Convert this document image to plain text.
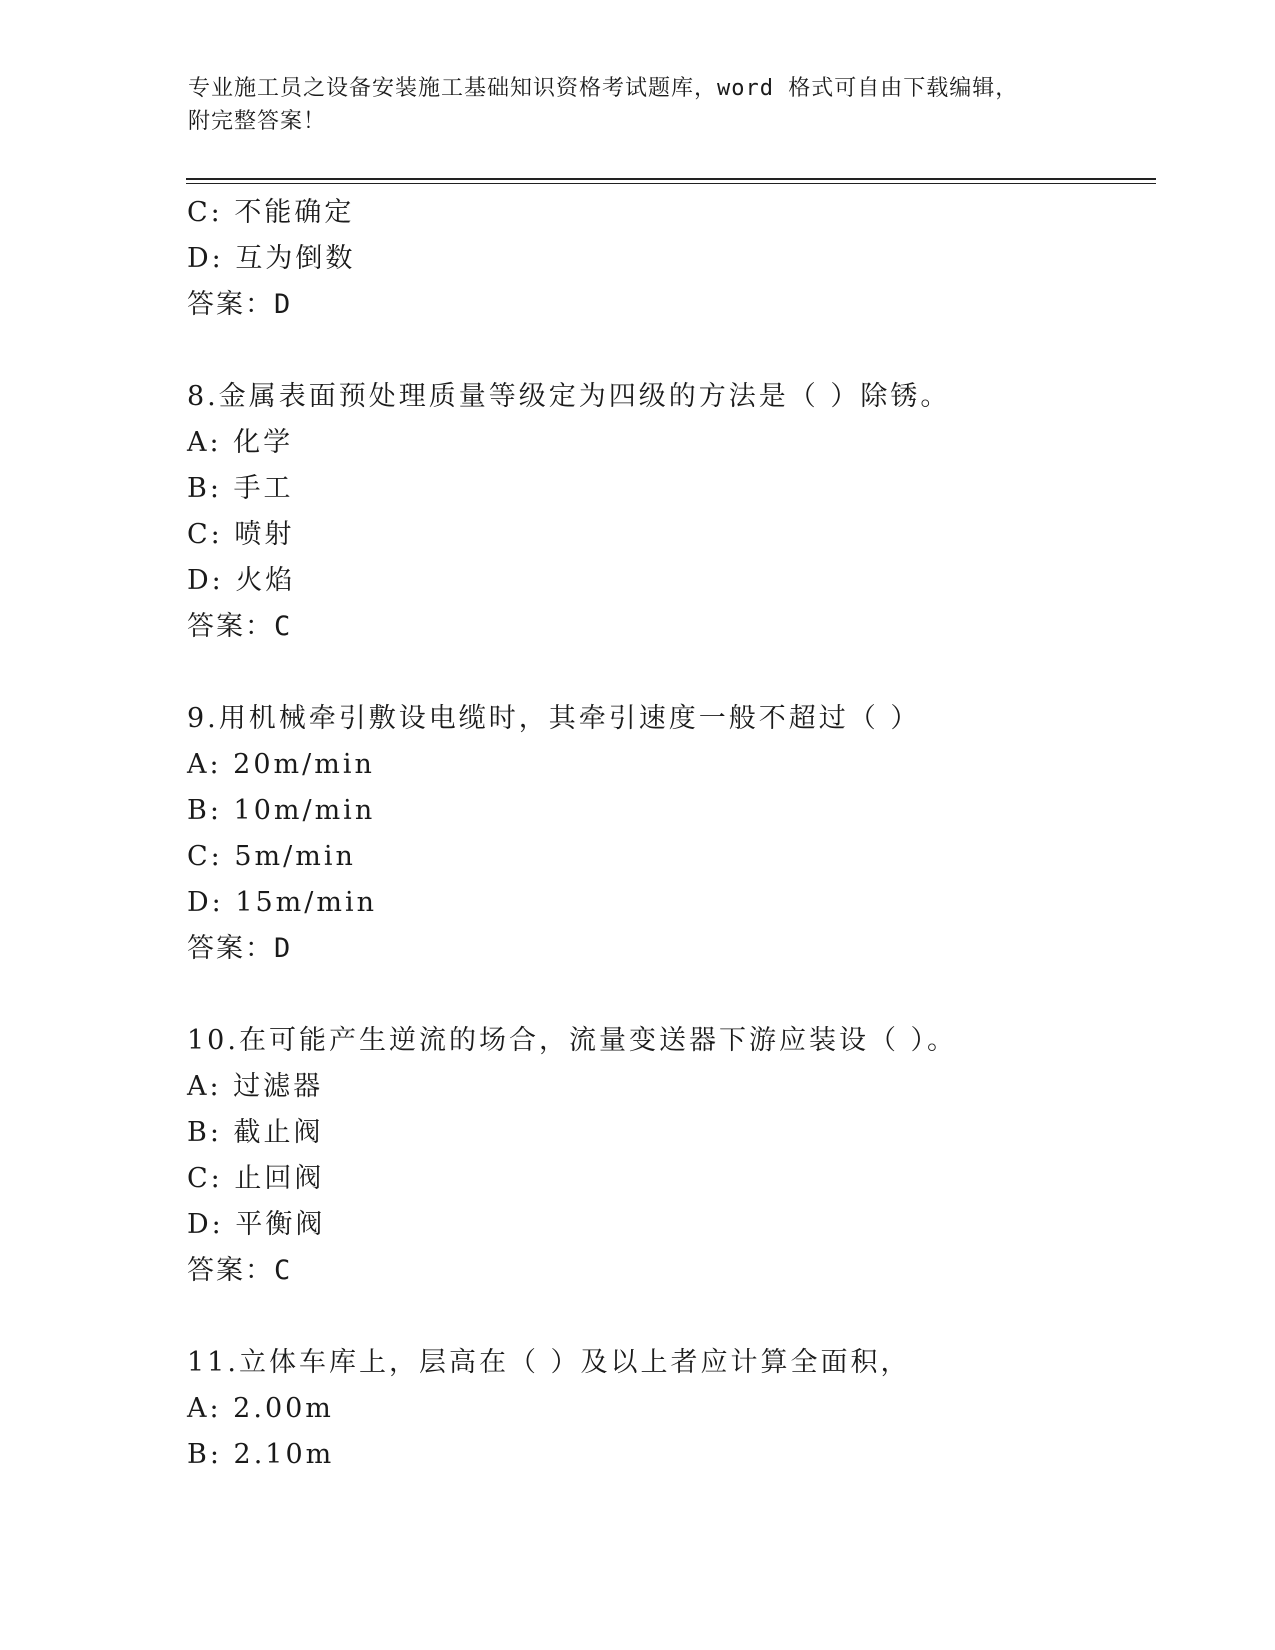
专业施工员之设备安装施工基础知识资格考试题库，word 格式可自由下载编辑，
附完整答案！
C: 不能确定
D: 互为倒数
答案：D
8.金属表面预处理质量等级定为四级的方法是（ ）除锈。
A: 化学
B: 手工
C: 喷射
D: 火焰
答案：C
9.用机械牵引敷设电缆时，其牵引速度一般不超过（ ）
A: 20m/min
B: 10m/min
C: 5m/min
D: 15m/min
答案：D
10.在可能产生逆流的场合，流量变送器下游应装设（ ）。
A: 过滤器
B: 截止阀
C: 止回阀
D: 平衡阀
答案：C
11.立体车库上，层高在（ ）及以上者应计算全面积，
A: 2.00m
B: 2.10m
